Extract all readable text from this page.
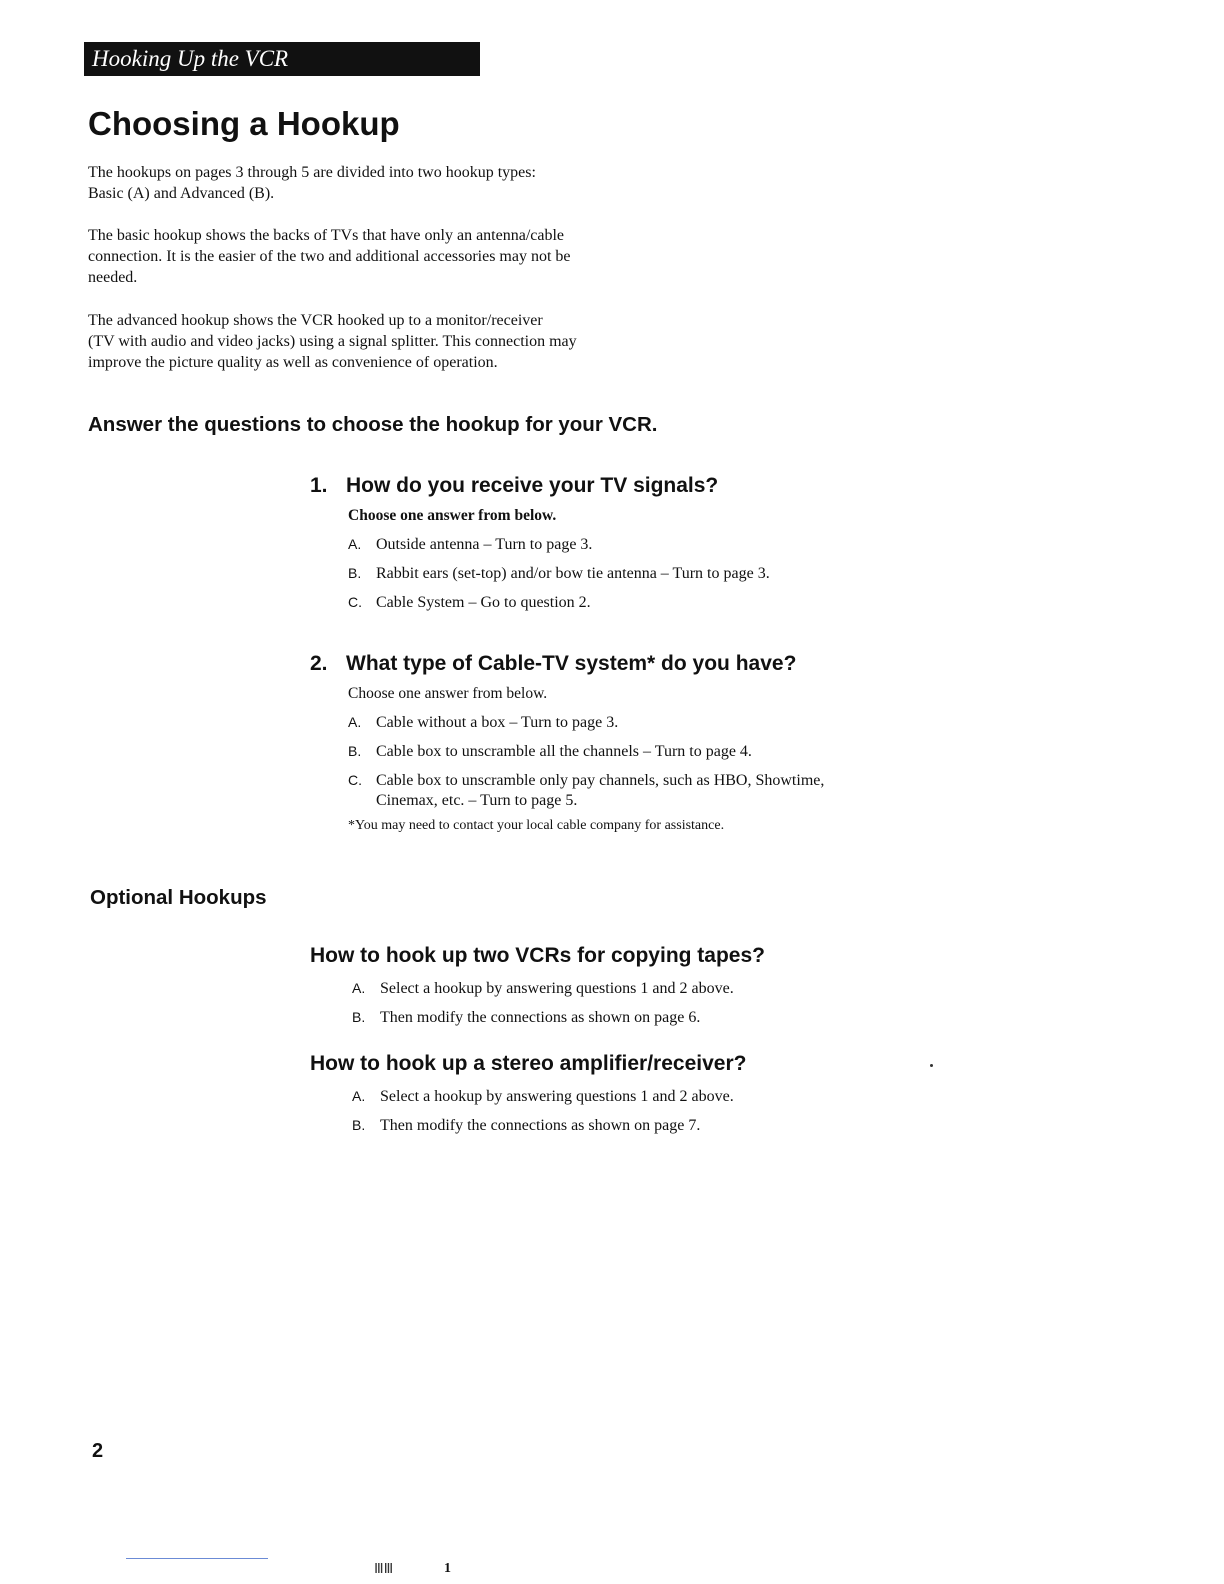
Hooking Up the VCR
Choosing a Hookup

The hookups on pages 3 through 5 are divided into two hookup types:
Basic (A) and Advanced (B).

The basic hookup shows the backs of TVs that have only an antenna/cable
connection. It is the easier of the two and additional accessories may not be
needed.

The advanced hookup shows the VCR hooked up to a monitor/receiver
(TV with audio and video jacks) using a signal splitter. This connection may
improve the picture quality as well as convenience of operation.

Answer the questions to choose the hookup for your VCR.
1. How do you receive your TV signals?
Choose one answer from below.
A. Outside antenna – Turn to page 3.
B. Rabbit ears (set-top) and/or bow tie antenna – Turn to page 3.
C. Cable System – Go to question 2.
2. What type of Cable-TV system* do you have?
Choose one answer from below.
A. Cable without a box – Turn to page 3.
B. Cable box to unscramble all the channels – Turn to page 4.
C. Cable box to unscramble only pay channels, such as HBO, Showtime,
Cinemax, etc. – Turn to page 5.
*You may need to contact your local cable company for assistance.
Optional Hookups
How to hook up two VCRs for copying tapes?
A. Select a hookup by answering questions 1 and 2 above.
B. Then modify the connections as shown on page 6.
How to hook up a stereo amplifier/receiver?
A. Select a hookup by answering questions 1 and 2 above.
B. Then modify the connections as shown on page 7.
2
ⅢⅢ	1
